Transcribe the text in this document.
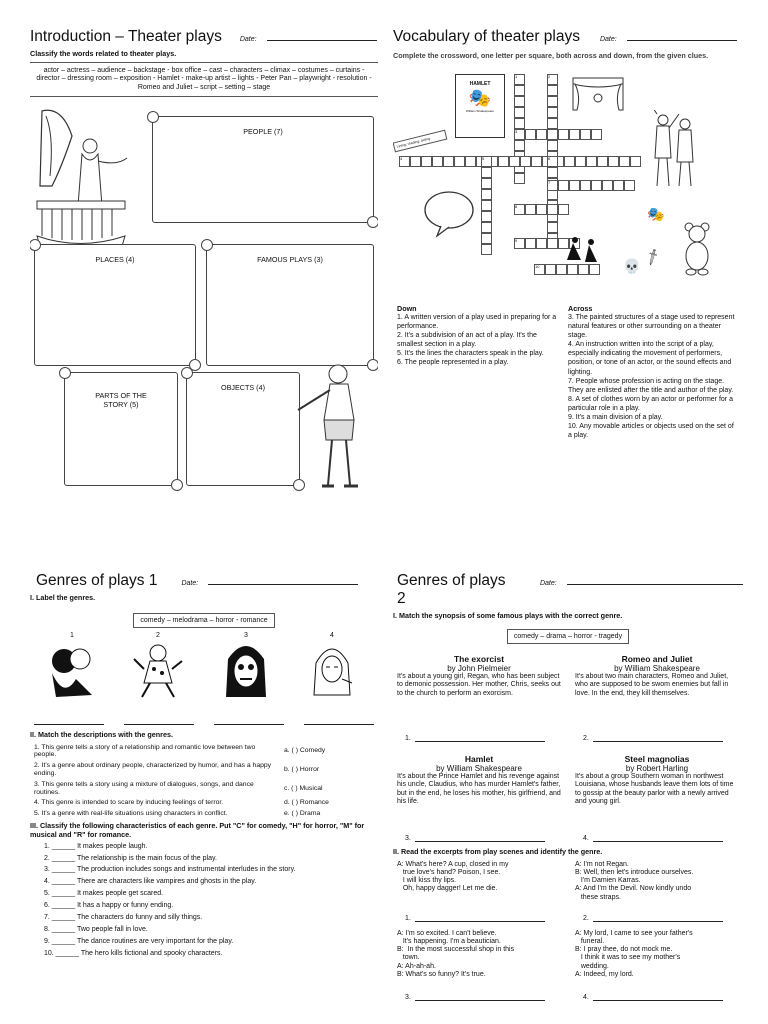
Introduction – Theater plays	Date:
Classify the words related to theater plays.
actor – actress – audience – backstage - box office – cast – characters – climax – costumes – curtains - director – dressing room – exposition - Hamlet - make-up artist – lights - Peter Pan – playwright - resolution - Romeo and Juliet – script – setting – stage
PEOPLE (7)
PLACES (4)	FAMOUS PLAYS (3)
PARTS OF THE STORY (5)
OBJECTS (4)
Vocabulary of theater plays	Date:
Complete the crossword, one letter per square, both across and down, from the given clues.
HAMLET
🎭
William Shakespeare
Lining, reading, acting
1	2
3
4	5	6
7
8
9
10
🎭
💀 🗡
Down
1. A written version of a play used in preparing for a performance.
2. It's a subdivision of an act of a play. It's the smallest section in a play.
5. It's the lines the characters speak in the play.
6. The people represented in a play.
Across
3. The painted structures of a stage used to represent natural features or other surrounding on a theater stage.
4. An instruction written into the script of a play, especially indicating the movement of performers, position, or tone of an actor, or the sound effects and lighting.
7. People whose profession is acting on the stage. They are enlisted after the title and author of the play.
8. A set of clothes worn by an actor or performer for a particular role in a play.
9. It's a main division of a play.
10. Any movable articles or objects used on the set of a play.
Genres of plays 1	Date:
I. Label the genres.
comedy – melodrama – horror - romance
1	2	3	4
II. Match the descriptions with the genres.
1. This genre tells a story of a relationship and romantic love between two people.
a. ( ) Comedy
2. It's a genre about ordinary people, characterized by humor, and has a happy ending.
b. ( ) Horror
3. This genre tells a story using a mixture of dialogues, songs, and dance routines.
c. ( ) Musical
4. This genre is intended to scare by inducing feelings of terror.	d. ( ) Romance
5. It's a genre with real-life situations using characters in conflict.	e. ( ) Drama
III. Classify the following characteristics of each genre. Put "C" for comedy, "H" for horror, "M" for musical and "R" for romance.
1. ______ It makes people laugh.
2. ______ The relationship is the main focus of the play.
3. ______ The production includes songs and instrumental interludes in the story.
4. ______ There are characters like vampires and ghosts in the play.
5. ______ It makes people get scared.
6. ______ It has a happy or funny ending.
7. ______ The characters do funny and silly things.
8. ______ Two people fall in love.
9. ______ The dance routines are very important for the play.
10. ______ The hero kills fictional and spooky characters.
Genres of plays 2
Date:
I. Match the synopsis of some famous plays with the correct genre.
comedy – drama – horror - tragedy
The exorcist
by John Pielmeier
It's about a young girl, Regan, who has been subject to demonic possession. Her mother, Chris, seeks out to the church to perform an exorcism.
1.
Romeo and Juliet
by William Shakespeare
It's about two main characters, Romeo and Juliet, who are supposed to be swom enemies but fall in love. In the end, they kill themselves.
2.
Hamlet
by William Shakespeare
It's about the Prince Hamlet and his revenge against his uncle, Claudius, who has murder Hamlet's father, but in the end, he loses his mother, his girlfriend, and his life.
3.
Steel magnolias
by Robert Harling
It's about a group Southern woman in northwest Louisiana, whose husbands leave them lots of time to gossip at the beauty parlor with a newly arrived and young girl.
4.
II. Read the excerpts from play scenes and identify the genre.
A: What's here? A cup, closed in my
true love's hand? Poison, I see.
I will kiss thy lips.
Oh, happy dagger! Let me die.
1.
A: I'm not Regan.
B: Well, then let's introduce ourselves.
I'm Damien Karras.
A: And I'm the Devil. Now kindly undo
these straps.
2.
A: I'm so excited. I can't believe.
It's happening. I'm a beautician.
B:  In the most successful shop in this
town.
A: Ah-ah-ah.
B: What's so funny? It's true.
3.
A: My lord, I came to see your father's
funeral.
B: I pray thee, do not mock me.
I think it was to see my mother's
wedding.
A: Indeed, my lord.
4.
